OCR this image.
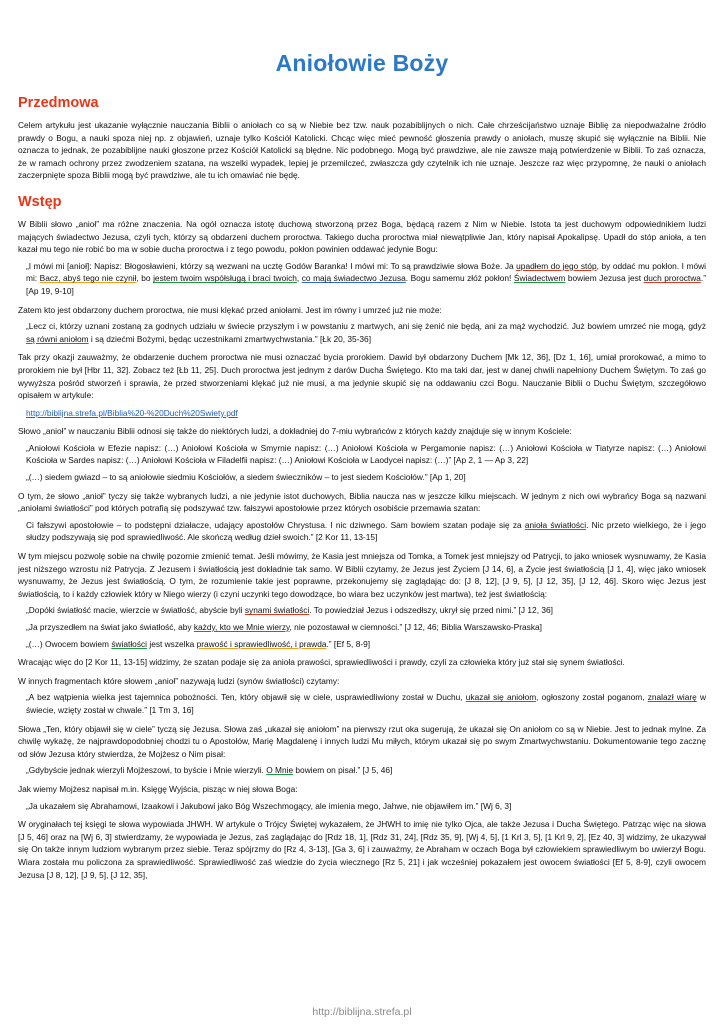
Aniołowie Boży
Przedmowa

Celem artykułu jest ukazanie wyłącznie nauczania Biblii o aniołach co są w Niebie bez tzw. nauk pozabiblijnych o nich. Całe chrześcijaństwo uznaje Biblię za niepodważalne źródło prawdy o Bogu, a nauki spoza niej np. z objawień, uznaje tylko Kościół Katolicki. Chcąc więc mieć pewność głoszenia prawdy o aniołach, muszę skupić się wyłącznie na Biblii. Nie oznacza to jednak, że pozabiblijne nauki głoszone przez Kościół Katolicki są błędne. Nic podobnego. Mogą być prawdziwe, ale nie zawsze mają potwierdzenie w Biblii. To zaś oznacza, że w ramach ochrony przez zwodzeniem szatana, na wszelki wypadek, lepiej je przemilczeć, zwłaszcza gdy czytelnik ich nie uznaje. Jeszcze raz więc przypomnę, że nauki o aniołach zaczerpnięte spoza Biblii mogą być prawdziwe, ale tu ich omawiać nie będę.

Wstęp

W Biblii słowo „anioł” ma różne znaczenia. Na ogół oznacza istotę duchową stworzoną przez Boga, będącą razem z Nim w Niebie. Istota ta jest duchowym odpowiednikiem ludzi mających świadectwo Jezusa, czyli tych, którzy są obdarzeni duchem proroctwa. Takiego ducha proroctwa miał niewątpliwie Jan, który napisał Apokalipsę. Upadł do stóp anioła, a ten kazał mu tego nie robić bo ma w sobie ducha proroctwa i z tego powodu, pokłon powinien oddawać jedynie Bogu:

„I mówi mi [anioł]: Napisz: Błogosławieni, którzy są wezwani na ucztę Godów Baranka! I mówi mi: To są prawdziwie słowa Boże. Ja upadłem do jego stóp, by oddać mu pokłon. I mówi mi: Bacz, abyś tego nie czynił, bo jestem twoim współsługą i braci twoich, co mają świadectwo Jezusa. Bogu samemu złóż pokłon! Świadectwem bowiem Jezusa jest duch proroctwa.” [Ap 19, 9-10]

Zatem kto jest obdarzony duchem proroctwa, nie musi klękać przed aniołami. Jest im równy i umrzeć już nie może:

„Lecz ci, którzy uznani zostaną za godnych udziału w świecie przyszłym i w powstaniu z martwych, ani się żenić nie będą, ani za mąż wychodzić. Już bowiem umrzeć nie mogą, gdyż są równi aniołom i są dziećmi Bożymi, będąc uczestnikami zmartwychwstania.” [Łk 20, 35-36]

Tak przy okazji zauważmy, że obdarzenie duchem proroctwa nie musi oznaczać bycia prorokiem. Dawid był obdarzony Duchem [Mk 12, 36], [Dz 1, 16], umiał prorokować, a mimo to prorokiem nie był [Hbr 11, 32]. Zobacz też [Łb 11, 25]. Duch proroctwa jest jednym z darów Ducha Świętego. Kto ma taki dar, jest w danej chwili napełniony Duchem Świętym. To zaś go wywyższa pośród stworzeń i sprawia, że przed stworzeniami klękać już nie musi, a ma jedynie skupić się na oddawaniu czci Bogu. Nauczanie Biblii o Duchu Świętym, szczegółowo opisałem w artykule:

http://biblijna.strefa.pl/Biblia%20-%20Duch%20Swiety.pdf

Słowo „anioł” w nauczaniu Biblii odnosi się także do niektórych ludzi, a dokładniej do 7-miu wybrańców z których każdy znajduje się w innym Kościele:

„Aniołowi Kościoła w Efezie napisz: (…) Aniołowi Kościoła w Smyrnie napisz: (…) Aniołowi Kościoła w Pergamonie napisz: (…) Aniołowi Kościoła w Tiatyrze napisz: (…) Aniołowi Kościoła w Sardes napisz: (…) Aniołowi Kościoła w Filadelfii napisz: (…) Aniołowi Kościoła w Laodycei napisz: (…)” [Ap 2, 1 — Ap 3, 22]

„(…) siedem gwiazd – to są aniołowie siedmiu Kościołów, a siedem świeczników – to jest siedem Kościołów.” [Ap 1, 20]

O tym, że słowo „anioł” tyczy się także wybranych ludzi, a nie jedynie istot duchowych, Biblia naucza nas w jeszcze kilku miejscach. W jednym z nich owi wybrańcy Boga są nazwani „aniołami światłości” pod których potrafią się podszywać tzw. fałszywi apostołowie przez których osobiście przemawia szatan:

Ci fałszywi apostołowie – to podstępni działacze, udający apostołów Chrystusa. I nic dziwnego. Sam bowiem szatan podaje się za anioła światłości. Nic przeto wielkiego, że i jego słudzy podszywają się pod sprawiedliwość. Ale skończą według dzieł swoich.” [2 Kor 11, 13-15]

W tym miejscu pozwolę sobie na chwilę pozornie zmienić temat. Jeśli mówimy, że Kasia jest mniejsza od Tomka, a Tomek jest mniejszy od Patrycji, to jako wniosek wysnuwamy, że Kasia jest niższego wzrostu niż Patrycja. Z Jezusem i światłością jest dokładnie tak samo. W Biblii czytamy, że Jezus jest Życiem [J 14, 6], a Życie jest światłością [J 1, 4], więc jako wniosek wysnuwamy, że Jezus jest światłością. O tym, że rozumienie takie jest poprawne, przekonujemy się zaglądając do: [J 8, 12], [J 9, 5], [J 12, 35], [J 12, 46]. Skoro więc Jezus jest światłością, to i każdy człowiek który w Niego wierzy (i czyni uczynki tego dowodzące, bo wiara bez uczynków jest martwa), też jest światłością:

„Dopóki światłość macie, wierzcie w światłość, abyście byli synami światłości. To powiedział Jezus i odszedłszy, ukrył się przed nimi.” [J 12, 36]

„Ja przyszedłem na świat jako światłość, aby każdy, kto we Mnie wierzy, nie pozostawał w ciemności.” [J 12, 46; Biblia Warszawsko-Praska]

„(…) Owocem bowiem światłości jest wszelka prawość i sprawiedliwość, i prawda.” [Ef 5, 8-9]

Wracając więc do [2 Kor 11, 13-15] widzimy, że szatan podaje się za anioła prawości, sprawiedliwości i prawdy, czyli za człowieka który już stał się synem światłości.

W innych fragmentach które słowem „anioł” nazywają ludzi (synów światłości) czytamy:

„A bez wątpienia wielka jest tajemnica pobożności. Ten, który objawił się w ciele, usprawiedliwiony został w Duchu, ukazał się aniołom, ogłoszony został poganom, znalazł wiarę w świecie, wzięty został w chwale.” [1 Tm 3, 16]

Słowa „Ten, który objawił się w ciele” tyczą się Jezusa. Słowa zaś „ukazał się aniołom” na pierwszy rzut oka sugerują, że ukazał się On aniołom co są w Niebie. Jest to jednak mylne. Za chwilę wykażę, że najprawdopodobniej chodzi tu o Apostołów, Marię Magdalenę i innych ludzi Mu miłych, którym ukazał się po swym Zmartwychwstaniu. Dokumentowanie tego zacznę od słów Jezusa który stwierdza, że Mojżesz o Nim pisał:

„Gdybyście jednak wierzyli Mojżeszowi, to byście i Mnie wierzyli. O Mnie bowiem on pisał.” [J 5, 46]

Jak wiemy Mojżesz napisał m.in. Księgę Wyjścia, pisząc w niej słowa Boga:

„Ja ukazałem się Abrahamowi, Izaakowi i Jakubowi jako Bóg Wszechmogący, ale imienia mego, Jahwe, nie objawiłem im.” [Wj 6, 3]

W oryginałach tej księgi te słowa wypowiada JHWH. W artykule o Trójcy Świętej wykazałem, że JHWH to imię nie tylko Ojca, ale także Jezusa i Ducha Świętego. Patrząc więc na słowa [J 5, 46] oraz na [Wj 6, 3] stwierdzamy, że wypowiada je Jezus, zaś zaglądając do [Rdz 18, 1], [Rdz 31, 24], [Rdz 35, 9], [Wj 4, 5], [1 Krl 3, 5], [1 Krl 9, 2], [Ez 40, 3] widzimy, że ukazywał się On także innym ludziom wybranym przez siebie. Teraz spójrzmy do [Rz 4, 3-13], [Ga 3, 6] i zauważmy, że Abraham w oczach Boga był człowiekiem sprawiedliwym bo uwierzył Bogu. Wiara została mu policzona za sprawiedliwość. Sprawiedliwość zaś wiedzie do życia wiecznego [Rz 5, 21] i jak wcześniej pokazałem jest owocem światłości [Ef 5, 8-9], czyli owocem Jezusa [J 8, 12], [J 9, 5], [J 12, 35],

http://biblijna.strefa.pl
